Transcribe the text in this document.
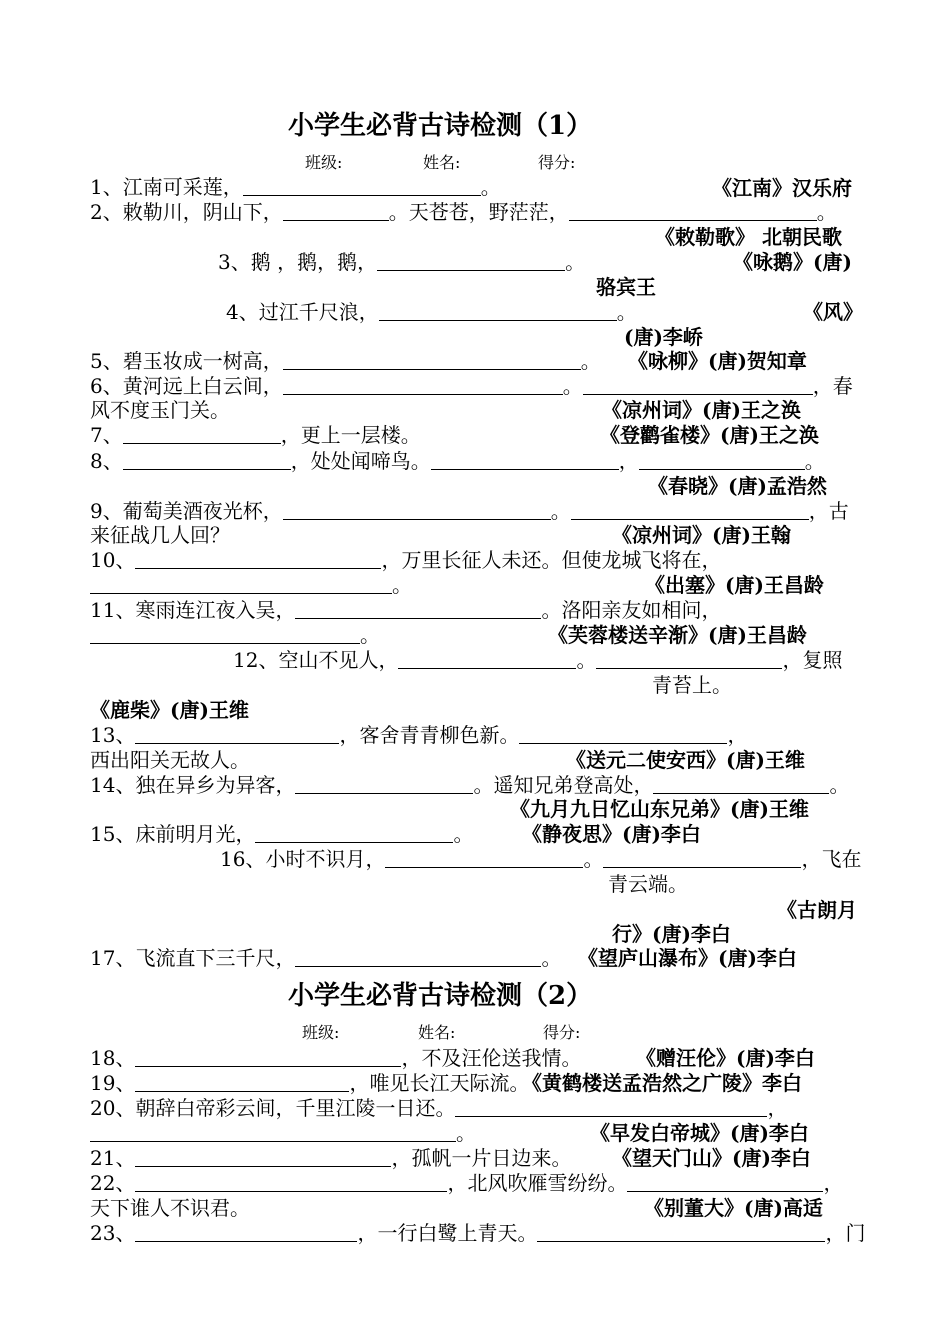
小学生必背古诗检测（1）
班级:	姓名:	得分:
1、江南可采莲，	。	《江南》汉乐府
2、敕勒川，阴山下，	。天苍苍，野茫茫，	。
《敕勒歌》 北朝民歌
3、鹅 ，鹅，鹅，	。	《咏鹅》(唐)
骆宾王
4、过江千尺浪，	。	《风》
(唐)李峤
5、碧玉妆成一树高，	。 《咏柳》(唐)贺知章
6、黄河远上白云间，	。	，春
风不度玉门关。	《凉州词》(唐)王之涣
7、	，更上一层楼。	《登鹳雀楼》(唐)王之涣
8、	，处处闻啼鸟。	，	。
《春晓》(唐)孟浩然
9、葡萄美酒夜光杯，	。	，古
来征战几人回？	《凉州词》(唐)王翰
10、	，万里长征人未还。但使龙城飞将在，
。	《出塞》(唐)王昌龄
11、寒雨连江夜入吴，	。洛阳亲友如相问，
。	《芙蓉楼送辛渐》(唐)王昌龄
12、空山不见人，	。	，复照
青苔上。
《鹿柴》(唐)王维
13、	，客舍青青柳色新。	，
西出阳关无故人。	《送元二使安西》(唐)王维
14、独在异乡为异客，	。遥知兄弟登高处，	。
《九月九日忆山东兄弟》(唐)王维
15、床前明月光，	。 《静夜思》(唐)李白
16、小时不识月，	。	，飞在
青云端。
《古朗月
行》(唐)李白
17、飞流直下三千尺，	。 《望庐山瀑布》(唐)李白
小学生必背古诗检测（2）
班级:	姓名:	得分:
18、	，不及汪伦送我情。	《赠汪伦》(唐)李白
19、	，唯见长江天际流。
《黄鹤楼送孟浩然之广陵》李白
20、朝辞白帝彩云间，千里江陵一日还。	，
。	《早发白帝城》(唐)李白
21、	，孤帆一片日边来。 《望天门山》(唐)李白
22、	，北风吹雁雪纷纷。	，
天下谁人不识君。	《别董大》(唐)高适
23、	，一行白鹭上青天。	，门
